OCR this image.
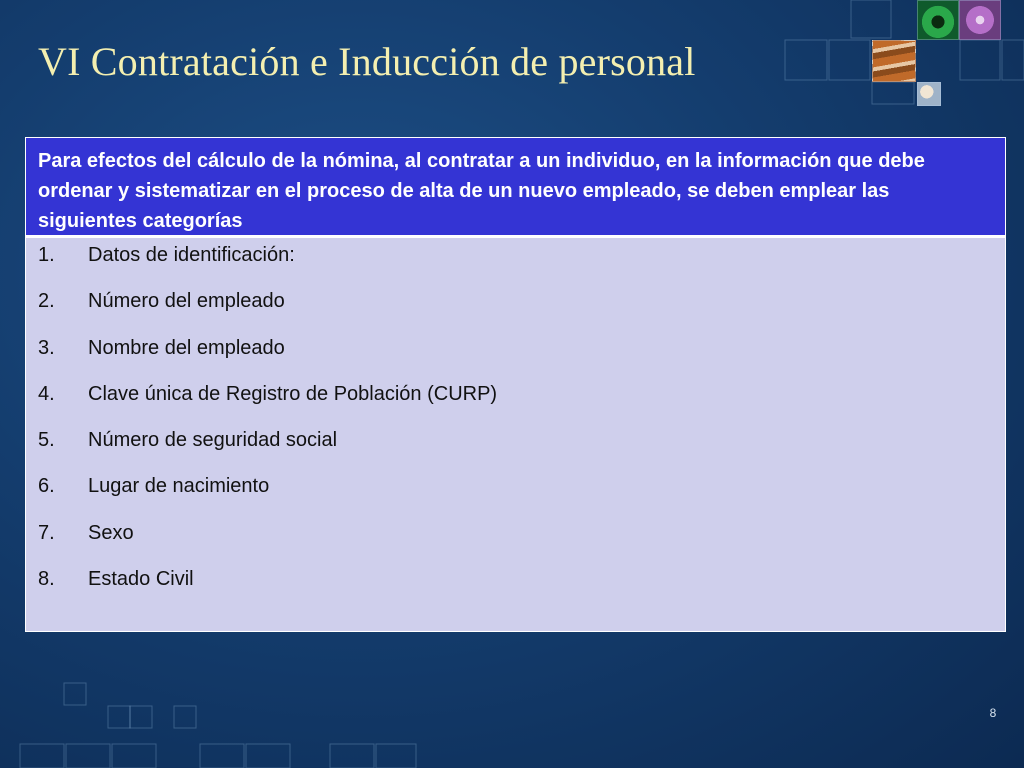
VI Contratación e Inducción de personal
Para efectos del cálculo de la nómina, al contratar a un individuo, en la información que debe ordenar y sistematizar en el proceso de alta de un nuevo empleado, se deben emplear las siguientes categorías
1.	Datos de identificación:
2.	Número del empleado
3.	Nombre del empleado
4.	Clave única de Registro de Población (CURP)
5.	Número de seguridad social
6.	Lugar de nacimiento
7.	Sexo
8.	Estado Civil
8
